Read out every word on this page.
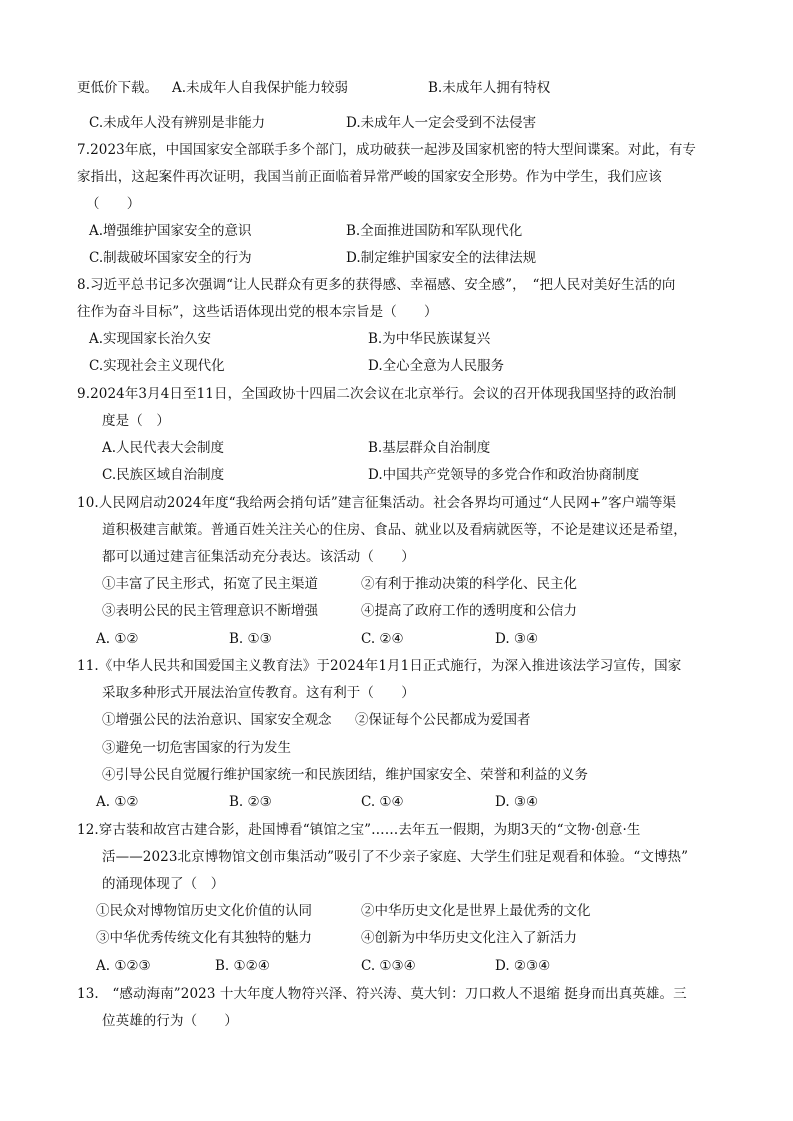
更低价下载。 A.未成年人自我保护能力较弱	B.未成年人拥有特权
C.未成年人没有辨别是非能力	D.未成年人一定会受到不法侵害
7.2023年底，中国国家安全部联手多个部门，成功破获一起涉及国家机密的特大型间谍案。对此，有专
家指出，这起案件再次证明，我国当前正面临着异常严峻的国家安全形势。作为中学生，我们应该
（　　）
A.增强维护国家安全的意识	B.全面推进国防和军队现代化
C.制裁破坏国家安全的行为	D.制定维护国家安全的法律法规
8.习近平总书记多次强调“让人民群众有更多的获得感、幸福感、安全感”，　“把人民对美好生活的向
往作为奋斗目标”，这些话语体现出党的根本宗旨是（　　）
A.实现国家长治久安	B.为中华民族谋复兴
C.实现社会主义现代化	D.全心全意为人民服务
9.2024年3月4日至11日，全国政协十四届二次会议在北京举行。会议的召开体现我国坚持的政治制
度是（　）
A.人民代表大会制度	B.基层群众自治制度
C.民族区域自治制度	D.中国共产党领导的多党合作和政治协商制度
10.人民网启动2024年度“我给两会捎句话”建言征集活动。社会各界均可通过“人民网+”客户端等渠
道积极建言献策。普通百姓关注关心的住房、食品、就业以及看病就医等，不论是建议还是希望，
都可以通过建言征集活动充分表达。该活动（　　）
①丰富了民主形式，拓宽了民主渠道	②有利于推动决策的科学化、民主化
③表明公民的民主管理意识不断增强	④提高了政府工作的透明度和公信力
A. ①②	B. ①③	C. ②④	D. ③④
11.《中华人民共和国爱国主义教育法》于2024年1月1日正式施行，为深入推进该法学习宣传，国家
采取多种形式开展法治宣传教育。这有利于（　　）
①增强公民的法治意识、国家安全观念 ②保证每个公民都成为爱国者
③避免一切危害国家的行为发生
④引导公民自觉履行维护国家统一和民族团结，维护国家安全、荣誉和利益的义务
A. ①②	B. ②③	C. ①④	D. ③④
12.穿古装和故宫古建合影，赴国博看“镇馆之宝”……去年五一假期，为期3天的“文物·创意·生
活——2023北京博物馆文创市集活动”吸引了不少亲子家庭、大学生们驻足观看和体验。“文博热”
的涌现体现了（　）
①民众对博物馆历史文化价值的认同	②中华历史文化是世界上最优秀的文化
③中华优秀传统文化有其独特的魅力	④创新为中华历史文化注入了新活力
A. ①②③	B. ①②④	C. ①③④	D. ②③④
13.　“感动海南”2023 十大年度人物符兴泽、符兴涛、莫大钊：刀口救人不退缩 挺身而出真英雄。三
位英雄的行为（　　）
